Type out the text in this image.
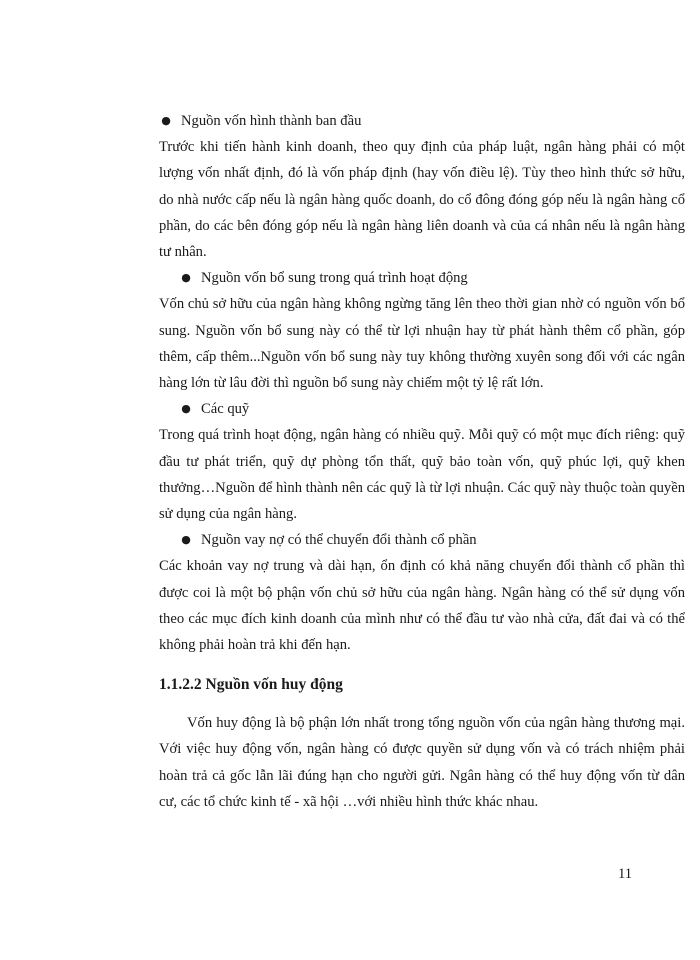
● Nguồn vốn hình thành ban đầu

Trước khi tiến hành kinh doanh, theo quy định của pháp luật, ngân hàng phải có một lượng vốn nhất định, đó là vốn pháp định (hay vốn điều lệ). Tùy theo hình thức sở hữu, do nhà nước cấp nếu là ngân hàng quốc doanh, do cổ đông đóng góp nếu là ngân hàng cổ phần, do các bên đóng góp nếu là ngân hàng liên doanh và của cá nhân nếu là ngân hàng tư nhân.

● Nguồn vốn bổ sung trong quá trình hoạt động

Vốn chủ sở hữu của ngân hàng không ngừng tăng lên theo thời gian nhờ có nguồn vốn bổ sung. Nguồn vốn bổ sung này có thể từ lợi nhuận hay từ phát hành thêm cổ phần, góp thêm, cấp thêm...Nguồn vốn bổ sung này tuy không thường xuyên song đối với các ngân hàng lớn từ lâu đời thì nguồn bổ sung này chiếm một tỷ lệ rất lớn.

● Các quỹ

Trong quá trình hoạt động, ngân hàng có nhiều quỹ. Mỗi quỹ có một mục đích riêng: quỹ đầu tư phát triển, quỹ dự phòng tổn thất, quỹ bảo toàn vốn, quỹ phúc lợi, quỹ khen thưởng…Nguồn để hình thành nên các quỹ là từ lợi nhuận. Các quỹ này thuộc toàn quyền sử dụng của ngân hàng.

● Nguồn vay nợ có thể chuyển đổi thành cổ phần

Các khoản vay nợ trung và dài hạn, ổn định có khả năng chuyển đổi thành cổ phần thì được coi là một bộ phận vốn chủ sở hữu của ngân hàng. Ngân hàng có thể sử dụng vốn theo các mục đích kinh doanh của mình như có thể đầu tư vào nhà cửa, đất đai và có thể không phải hoàn trả khi đến hạn.

1.1.2.2 Nguồn vốn huy động

Vốn huy động là bộ phận lớn nhất trong tổng nguồn vốn của ngân hàng thương mại. Với việc huy động vốn, ngân hàng có được quyền sử dụng vốn và có trách nhiệm phải hoàn trả cả gốc lẫn lãi đúng hạn cho người gửi. Ngân hàng có thể huy động vốn từ dân cư, các tổ chức kinh tế - xã hội …với nhiều hình thức khác nhau.

11
